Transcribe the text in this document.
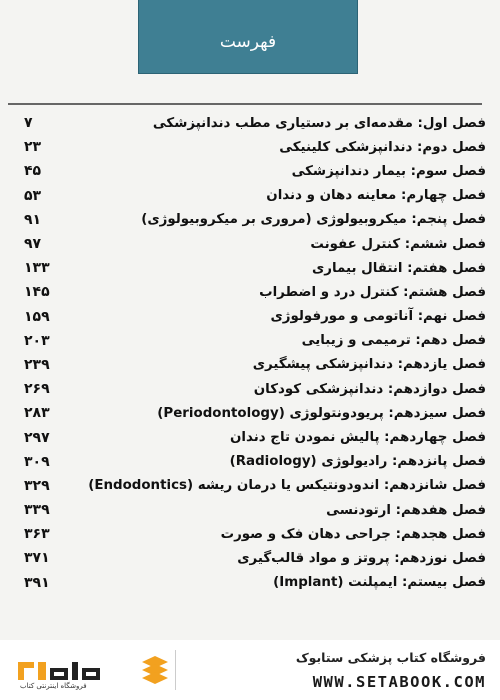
فهرست
فصل اول: مقدمه‌ای بر دستیاری مطب دندانپزشکی
۷
فصل دوم: دندانپزشکی کلینیکی
۲۳
فصل سوم: بیمار دندانپزشکی
۴۵
فصل چهارم: معاینه دهان و دندان
۵۳
فصل پنجم: میکروبیولوژی (مروری بر میکروبیولوژی)
۹۱
فصل ششم: کنترل عفونت
۹۷
فصل هفتم: انتقال بیماری
۱۳۳
فصل هشتم: کنترل درد و اضطراب
۱۴۵
فصل نهم: آناتومی و مورفولوژی
۱۵۹
فصل دهم: ترمیمی و زیبایی
۲۰۳
فصل یازدهم: دندانپزشکی پیشگیری
۲۳۹
فصل دوازدهم: دندانپزشکی کودکان
۲۶۹
فصل سیزدهم: پریودونتولوژی (Periodontology)
۲۸۳
فصل چهاردهم: پالیش نمودن تاج دندان
۲۹۷
فصل پانزدهم: رادیولوژی (Radiology)
۳۰۹
فصل شانزدهم: اندودونتیکس یا درمان ریشه (Endodontics)
۳۲۹
فصل هفدهم: ارتودنسی
۳۳۹
فصل هجدهم: جراحی دهان فک و صورت
۳۶۳
فصل نوزدهم: پروتز و مواد قالب‌گیری
۳۷۱
فصل بیستم: ایمپلنت (Implant)
۳۹۱
فروشگاه اینترنتی کتاب
فروشگاه کتاب پزشکی ستابوک
WWW.SETABOOK.COM
